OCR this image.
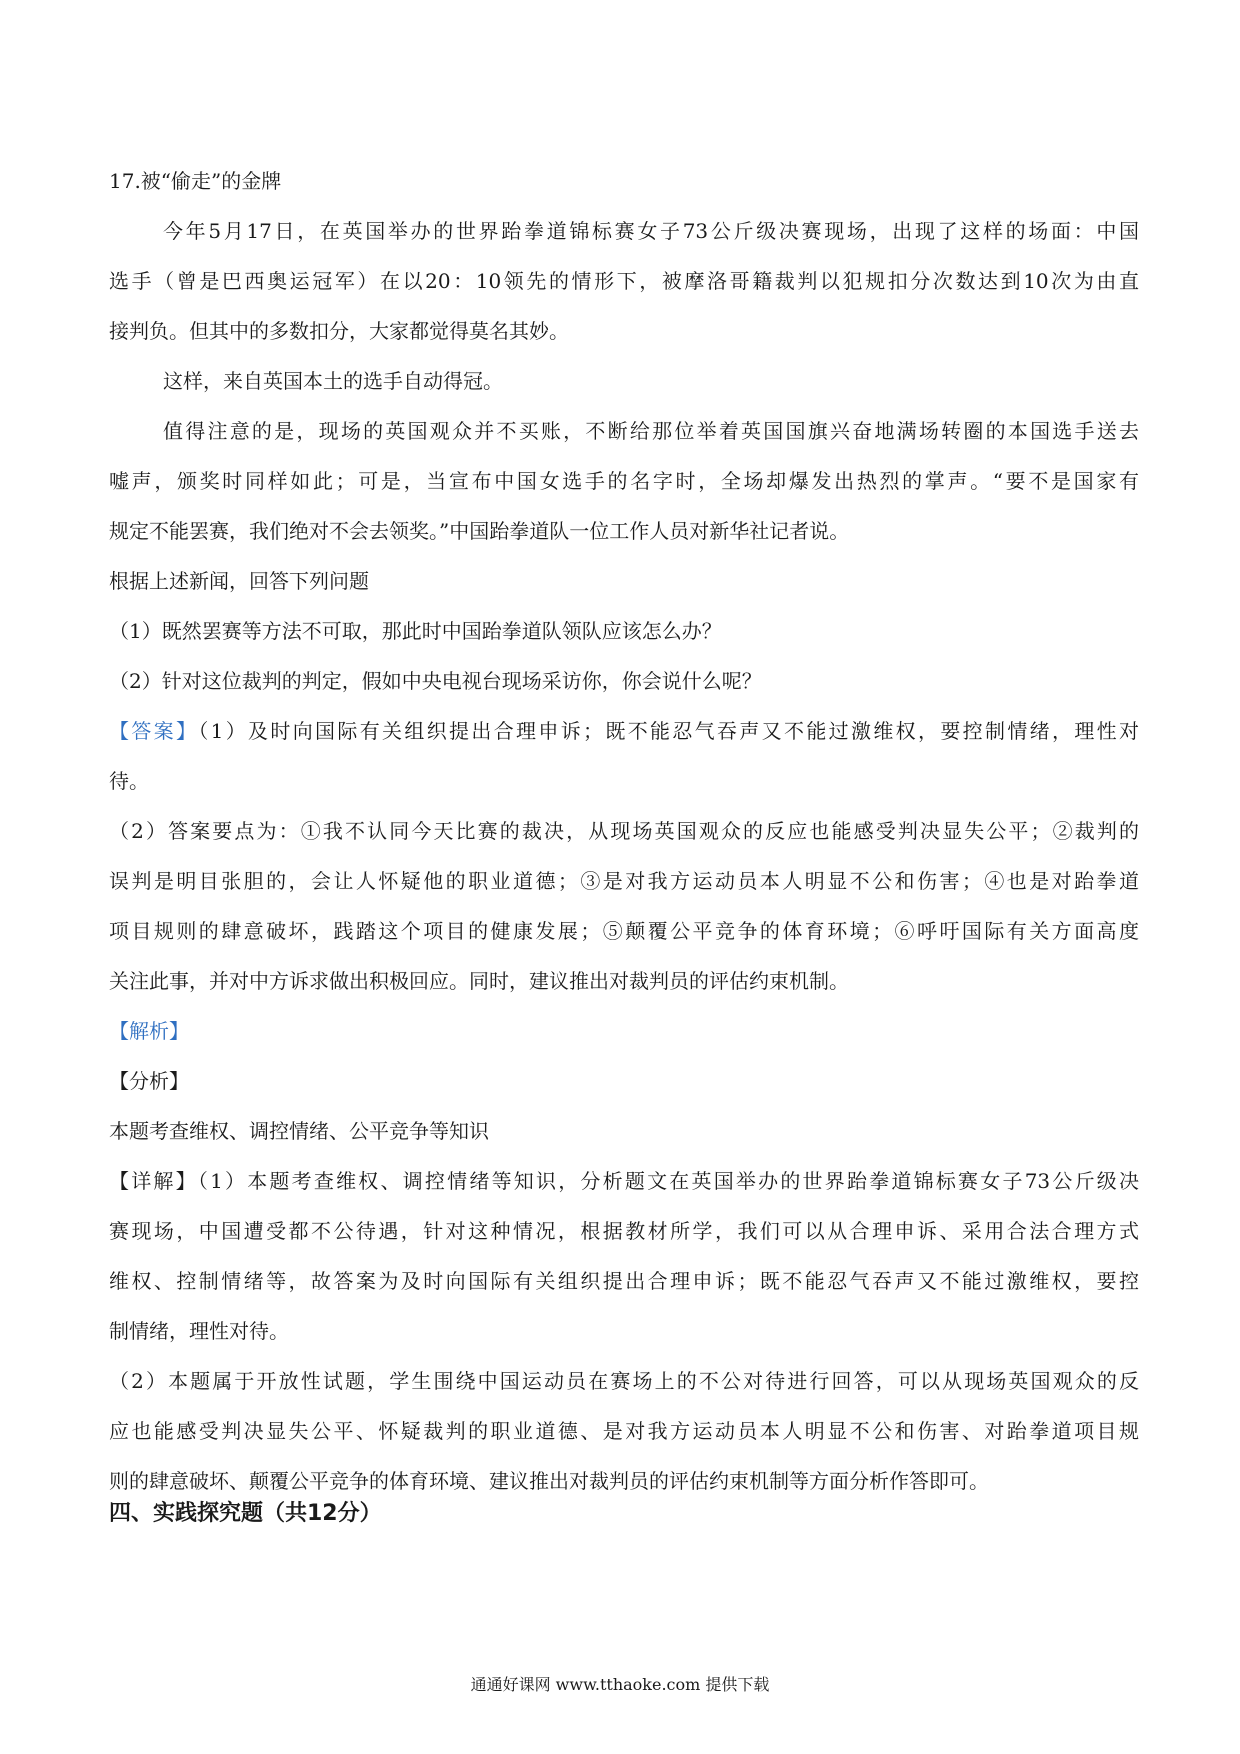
17.被“偷走”的金牌
今年5月17日，在英国举办的世界跆拳道锦标赛女子73公斤级决赛现场，出现了这样的场面：中国
选手（曾是巴西奥运冠军）在以20：10领先的情形下，被摩洛哥籍裁判以犯规扣分次数达到10次为由直
接判负。但其中的多数扣分，大家都觉得莫名其妙。
这样，来自英国本土的选手自动得冠。
值得注意的是，现场的英国观众并不买账，不断给那位举着英国国旗兴奋地满场转圈的本国选手送去
嘘声，颁奖时同样如此；可是，当宣布中国女选手的名字时，全场却爆发出热烈的掌声。“要不是国家有
规定不能罢赛，我们绝对不会去领奖。”中国跆拳道队一位工作人员对新华社记者说。
根据上述新闻，回答下列问题
（1）既然罢赛等方法不可取，那此时中国跆拳道队领队应该怎么办？
（2）针对这位裁判的判定，假如中央电视台现场采访你，你会说什么呢？
【答案】（1）及时向国际有关组织提出合理申诉；既不能忍气吞声又不能过激维权，要控制情绪，理性对
待。
（2）答案要点为：①我不认同今天比赛的裁决，从现场英国观众的反应也能感受判决显失公平；②裁判的
误判是明目张胆的，会让人怀疑他的职业道德；③是对我方运动员本人明显不公和伤害；④也是对跆拳道
项目规则的肆意破坏，践踏这个项目的健康发展；⑤颠覆公平竞争的体育环境；⑥呼吁国际有关方面高度
关注此事，并对中方诉求做出积极回应。同时，建议推出对裁判员的评估约束机制。
【解析】
【分析】
本题考查维权、调控情绪、公平竞争等知识
【详解】（1）本题考查维权、调控情绪等知识，分析题文在英国举办的世界跆拳道锦标赛女子73公斤级决
赛现场，中国遭受都不公待遇，针对这种情况，根据教材所学，我们可以从合理申诉、采用合法合理方式
维权、控制情绪等，故答案为及时向国际有关组织提出合理申诉；既不能忍气吞声又不能过激维权，要控
制情绪，理性对待。
（2）本题属于开放性试题，学生围绕中国运动员在赛场上的不公对待进行回答，可以从现场英国观众的反
应也能感受判决显失公平、怀疑裁判的职业道德、是对我方运动员本人明显不公和伤害、对跆拳道项目规
则的肆意破坏、颠覆公平竞争的体育环境、建议推出对裁判员的评估约束机制等方面分析作答即可。
四、实践探究题（共12分）
通通好课网 www.tthaoke.com 提供下载
